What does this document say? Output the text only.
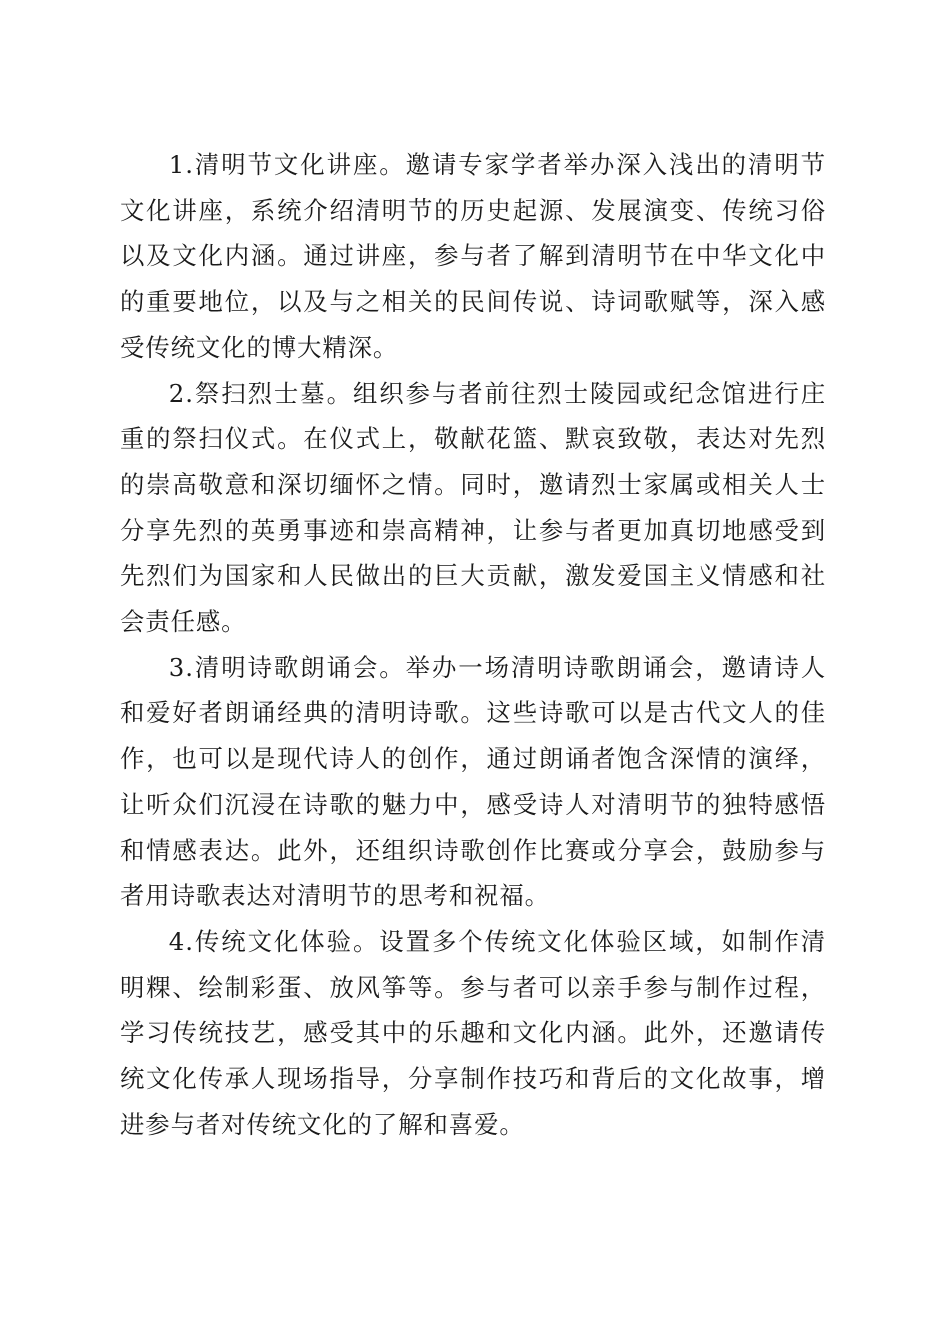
1.清明节文化讲座。邀请专家学者举办深入浅出的清明节文化讲座，系统介绍清明节的历史起源、发展演变、传统习俗以及文化内涵。通过讲座，参与者了解到清明节在中华文化中的重要地位，以及与之相关的民间传说、诗词歌赋等，深入感受传统文化的博大精深。

2.祭扫烈士墓。组织参与者前往烈士陵园或纪念馆进行庄重的祭扫仪式。在仪式上，敬献花篮、默哀致敬，表达对先烈的崇高敬意和深切缅怀之情。同时，邀请烈士家属或相关人士分享先烈的英勇事迹和崇高精神，让参与者更加真切地感受到先烈们为国家和人民做出的巨大贡献，激发爱国主义情感和社会责任感。

3.清明诗歌朗诵会。举办一场清明诗歌朗诵会，邀请诗人和爱好者朗诵经典的清明诗歌。这些诗歌可以是古代文人的佳作，也可以是现代诗人的创作，通过朗诵者饱含深情的演绎，让听众们沉浸在诗歌的魅力中，感受诗人对清明节的独特感悟和情感表达。此外，还组织诗歌创作比赛或分享会，鼓励参与者用诗歌表达对清明节的思考和祝福。

4.传统文化体验。设置多个传统文化体验区域，如制作清明粿、绘制彩蛋、放风筝等。参与者可以亲手参与制作过程，学习传统技艺，感受其中的乐趣和文化内涵。此外，还邀请传统文化传承人现场指导，分享制作技巧和背后的文化故事，增进参与者对传统文化的了解和喜爱。
